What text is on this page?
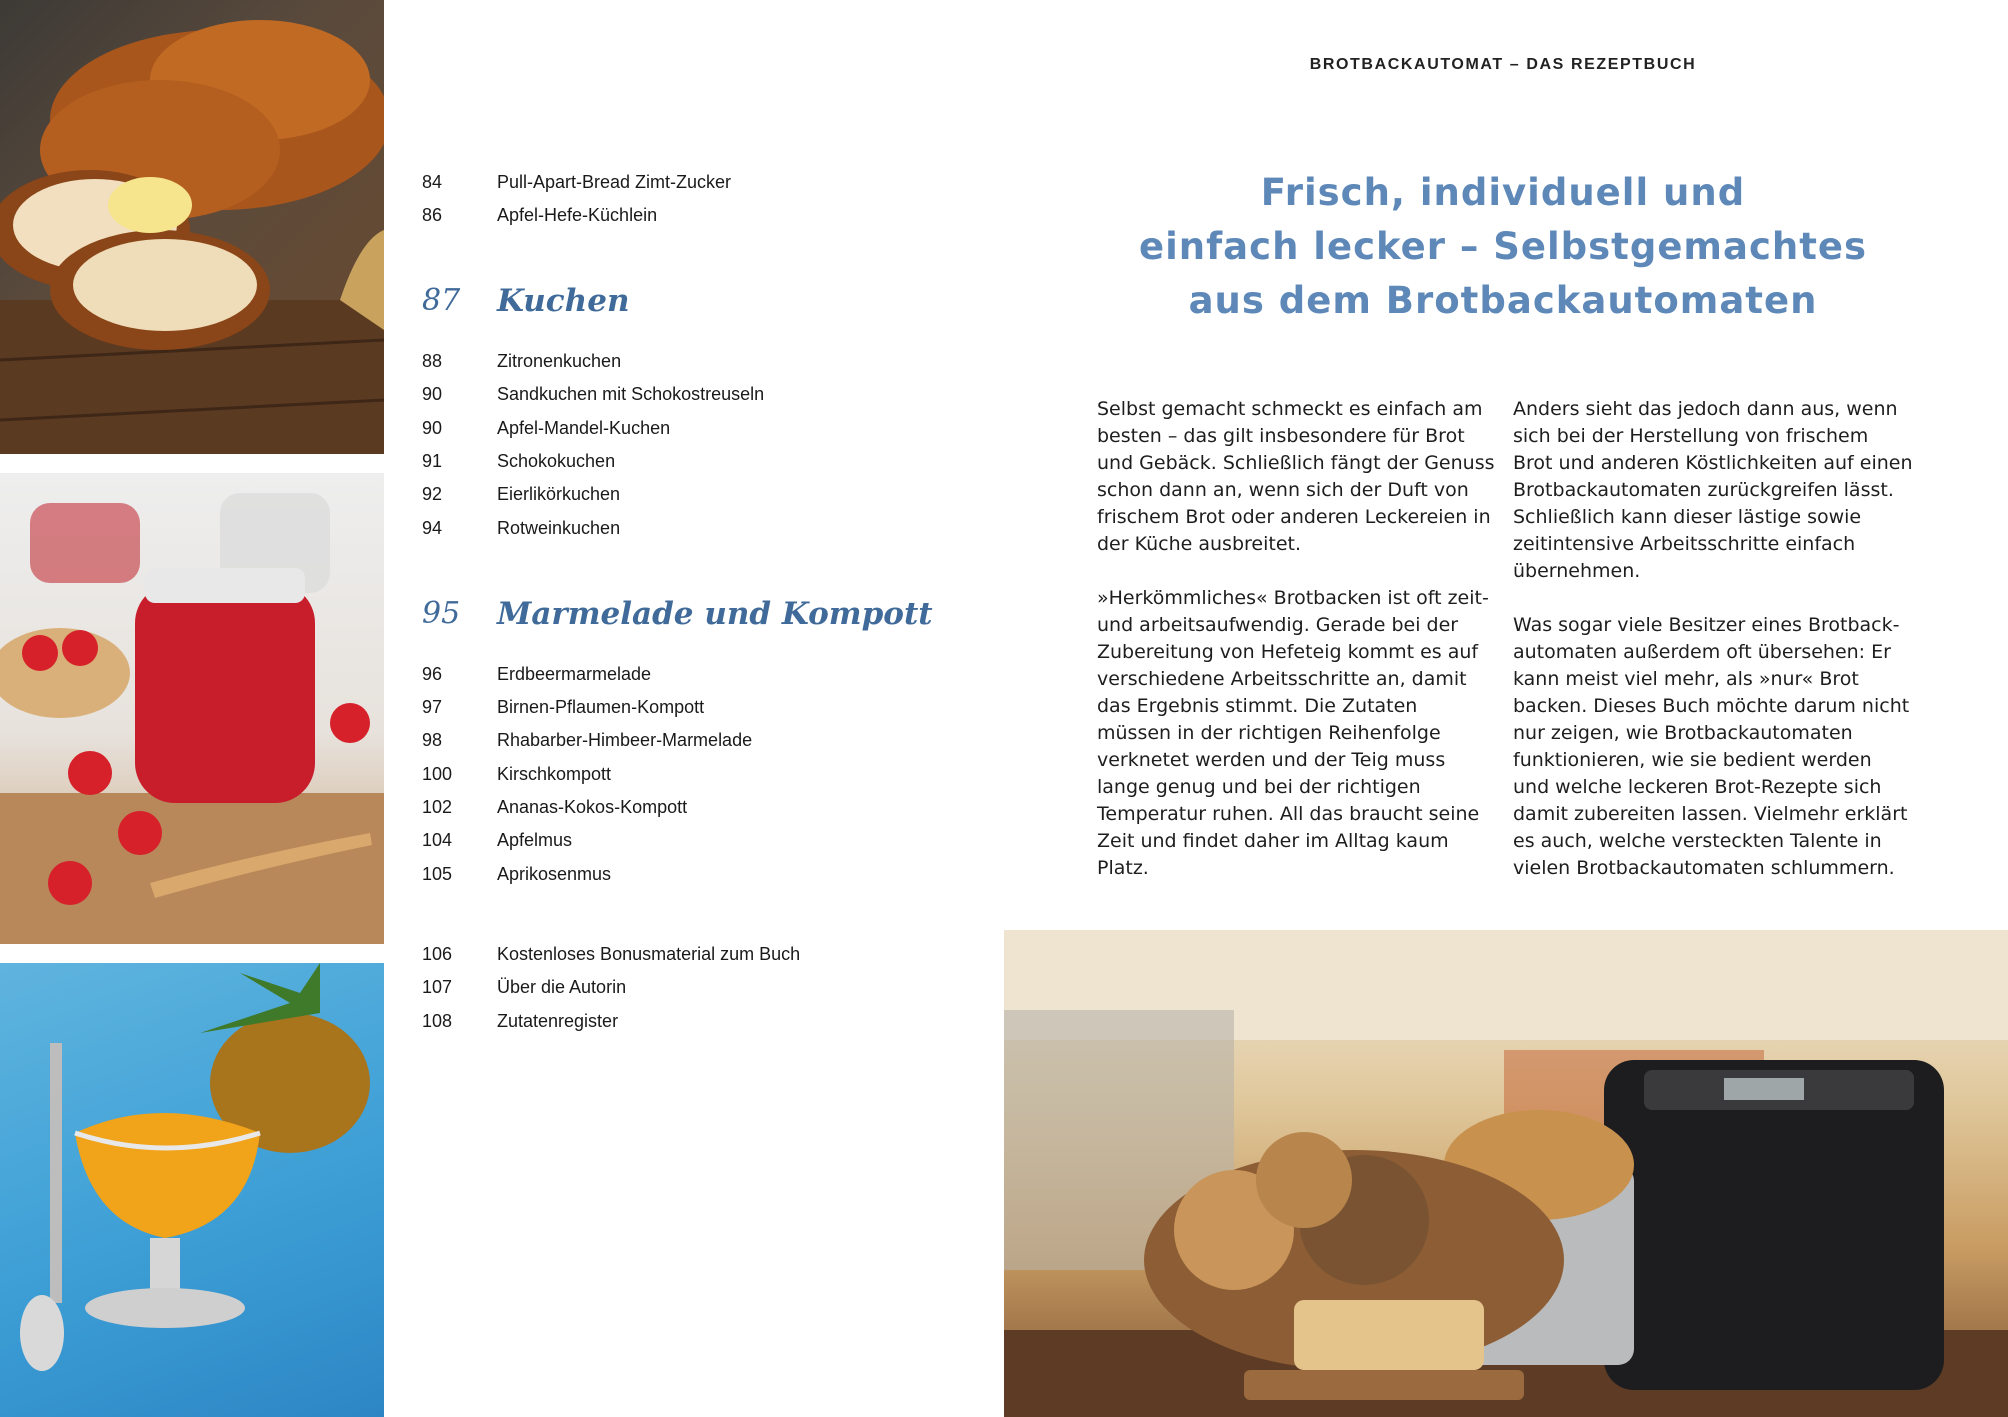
84	Pull-Apart-Bread Zimt-Zucker
86	Apfel-Hefe-Küchlein
87 Kuchen
88	Zitronenkuchen
90	Sandkuchen mit Schokostreuseln
90	Apfel-Mandel-Kuchen
91	Schokokuchen
92	Eierlikörkuchen
94	Rotweinkuchen
95 Marmelade und Kompott
96	Erdbeermarmelade
97	Birnen-Pflaumen-Kompott
98	Rhabarber-Himbeer-Marmelade
100 Kirschkompott
102 Ananas-Kokos-Kompott
104 Apfelmus
105 Aprikosenmus
106 Kostenloses Bonusmaterial zum Buch
107 Über die Autorin
108 Zutatenregister
BROTBACKAUTOMAT – DAS REZEPTBUCH
Frisch, individuell und
einfach lecker – Selbstgemachtes
aus dem Brotbackautomaten

Selbst gemacht schmeckt es einfach am besten – das gilt insbesondere für Brot und Gebäck. Schließlich fängt der Genuss schon dann an, wenn sich der Duft von frischem Brot oder anderen Leckereien in der Küche ausbreitet.

»Herkömmliches« Brotbacken ist oft zeit- und arbeitsaufwendig. Gerade bei der Zubereitung von Hefeteig kommt es auf verschiedene Arbeitsschritte an, damit das Ergebnis stimmt. Die Zutaten müssen in der richtigen Reihenfolge verknetet werden und der Teig muss lange genug und bei der richtigen Temperatur ruhen. All das braucht seine Zeit und findet daher im Alltag kaum Platz.

Anders sieht das jedoch dann aus, wenn sich bei der Herstellung von frischem Brot und anderen Köstlichkeiten auf einen Brotbackautomaten zurückgreifen lässt. Schließlich kann dieser lästige sowie zeitintensive Arbeitsschritte einfach übernehmen.

Was sogar viele Besitzer eines Brotback-automaten außerdem oft übersehen: Er kann meist viel mehr, als »nur« Brot backen. Dieses Buch möchte darum nicht nur zeigen, wie Brotbackautomaten funktionieren, wie sie bedient werden und welche leckeren Brot-Rezepte sich damit zubereiten lassen. Vielmehr erklärt es auch, welche versteckten Talente in vielen Brotbackautomaten schlummern.
